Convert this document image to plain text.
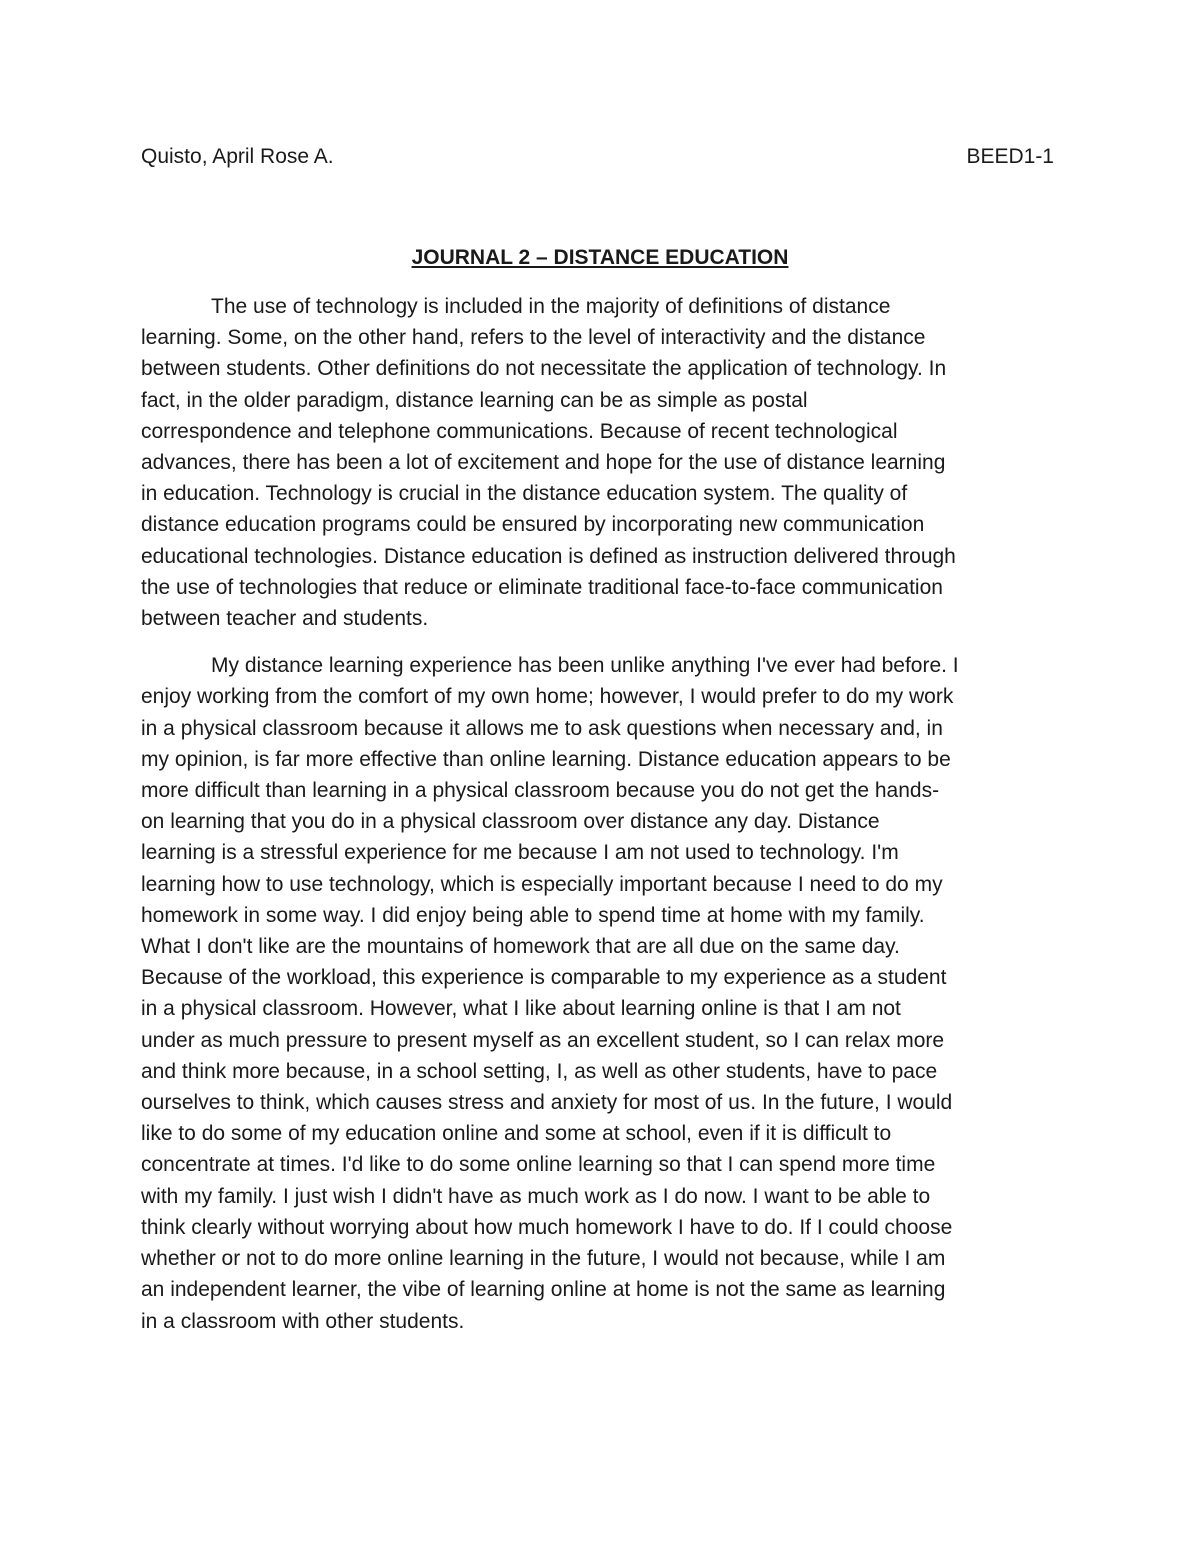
Quisto, April Rose A.	BEED1-1
JOURNAL 2 – DISTANCE EDUCATION

The use of technology is included in the majority of definitions of distance
learning. Some, on the other hand, refers to the level of interactivity and the distance
between students. Other definitions do not necessitate the application of technology. In
fact, in the older paradigm, distance learning can be as simple as postal
correspondence and telephone communications. Because of recent technological
advances, there has been a lot of excitement and hope for the use of distance learning
in education. Technology is crucial in the distance education system. The quality of
distance education programs could be ensured by incorporating new communication
educational technologies. Distance education is defined as instruction delivered through
the use of technologies that reduce or eliminate traditional face-to-face communication
between teacher and students.

My distance learning experience has been unlike anything I've ever had before. I
enjoy working from the comfort of my own home; however, I would prefer to do my work
in a physical classroom because it allows me to ask questions when necessary and, in
my opinion, is far more effective than online learning. Distance education appears to be
more difficult than learning in a physical classroom because you do not get the hands-
on learning that you do in a physical classroom over distance any day. Distance
learning is a stressful experience for me because I am not used to technology. I'm
learning how to use technology, which is especially important because I need to do my
homework in some way. I did enjoy being able to spend time at home with my family.
What I don't like are the mountains of homework that are all due on the same day.
Because of the workload, this experience is comparable to my experience as a student
in a physical classroom. However, what I like about learning online is that I am not
under as much pressure to present myself as an excellent student, so I can relax more
and think more because, in a school setting, I, as well as other students, have to pace
ourselves to think, which causes stress and anxiety for most of us. In the future, I would
like to do some of my education online and some at school, even if it is difficult to
concentrate at times. I'd like to do some online learning so that I can spend more time
with my family. I just wish I didn't have as much work as I do now. I want to be able to
think clearly without worrying about how much homework I have to do. If I could choose
whether or not to do more online learning in the future, I would not because, while I am
an independent learner, the vibe of learning online at home is not the same as learning
in a classroom with other students.
